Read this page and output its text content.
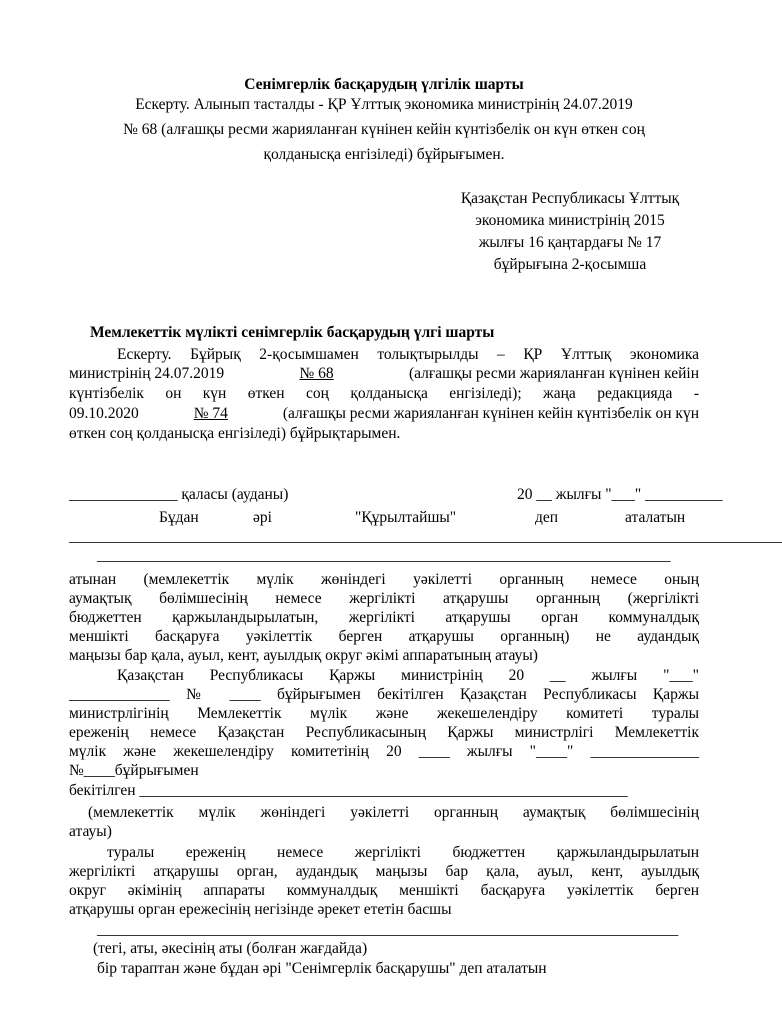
Сенімгерлік басқарудың үлгілік шарты
Ескерту. Алынып тасталды - ҚР Ұлттық экономика министрінің 24.07.2019
№ 68 (алғашқы ресми жарияланған күнінен кейін күнтізбелік он күн өткен соң
қолданысқа енгізіледі) бұйрығымен.
Қазақстан Республикасы Ұлттық
экономика министрінің 2015
жылғы 16 қаңтардағы № 17
бұйрығына 2-қосымша
Мемлекеттік мүлікті сенімгерлік басқарудың үлгі шарты
Ескерту. Бұйрық 2-қосымшамен толықтырылды – ҚР Ұлттық экономика
министрінің 24.07.2019	№ 68	(алғашқы ресми жарияланған күнінен кейін
күнтізбелік он күн өткен соң қолданысқа енгізіледі); жаңа редакцияда -
09.10.2020	№ 74	(алғашқы ресми жарияланған күнінен кейін күнтізбелік он күн
өткен соң қолданысқа енгізіледі) бұйрықтарымен.
______________ қаласы (ауданы)	20 __ жылғы "___" __________
Бұдан	әрі	"Құрылтайшы"	деп	аталатын
____________________________________________________________________________________________
__________________________________________________________________________
атынан (мемлекеттік мүлік жөніндегі уәкілетті органның немесе оның
аумақтық бөлімшесінің немесе жергілікті атқарушы органның (жергілікті
бюджеттен қаржыландырылатын, жергілікті атқарушы орган коммуналдық
меншікті басқаруға уәкілеттік берген атқарушы органның) не аудандық
маңызы бар қала, ауыл, кент, ауылдық округ әкімі аппаратының атауы)
Қазақстан Республикасы Қаржы министрінің 20 __ жылғы "___"
_____________ № ____ бұйрығымен бекітілген Қазақстан Республикасы Қаржы
министрлігінің Мемлекеттік мүлік және жекешелендіру комитеті туралы
ереженің немесе Қазақстан Республикасының Қаржы министрлігі Мемлекеттік
мүлік және жекешелендіру комитетінің 20 ____ жылғы "____" ______________
№____бұйрығымен
бекітілген _______________________________________________________________
(мемлекеттік мүлік жөніндегі уәкілетті органның аумақтық бөлімшесінің
атауы)
туралы ереженің немесе жергілікті бюджеттен қаржыландырылатын
жергілікті атқарушы орган, аудандық маңызы бар қала, ауыл, кент, ауылдық
округ әкімінің аппараты коммуналдық меншікті басқаруға уәкілеттік берген
атқарушы орган ережесінің негізінде әрекет ететін басшы
___________________________________________________________________________
(тегі, аты, әкесінің аты (болған жағдайда)
бір тараптан және бұдан әрі "Сенімгерлік басқарушы" деп аталатын
